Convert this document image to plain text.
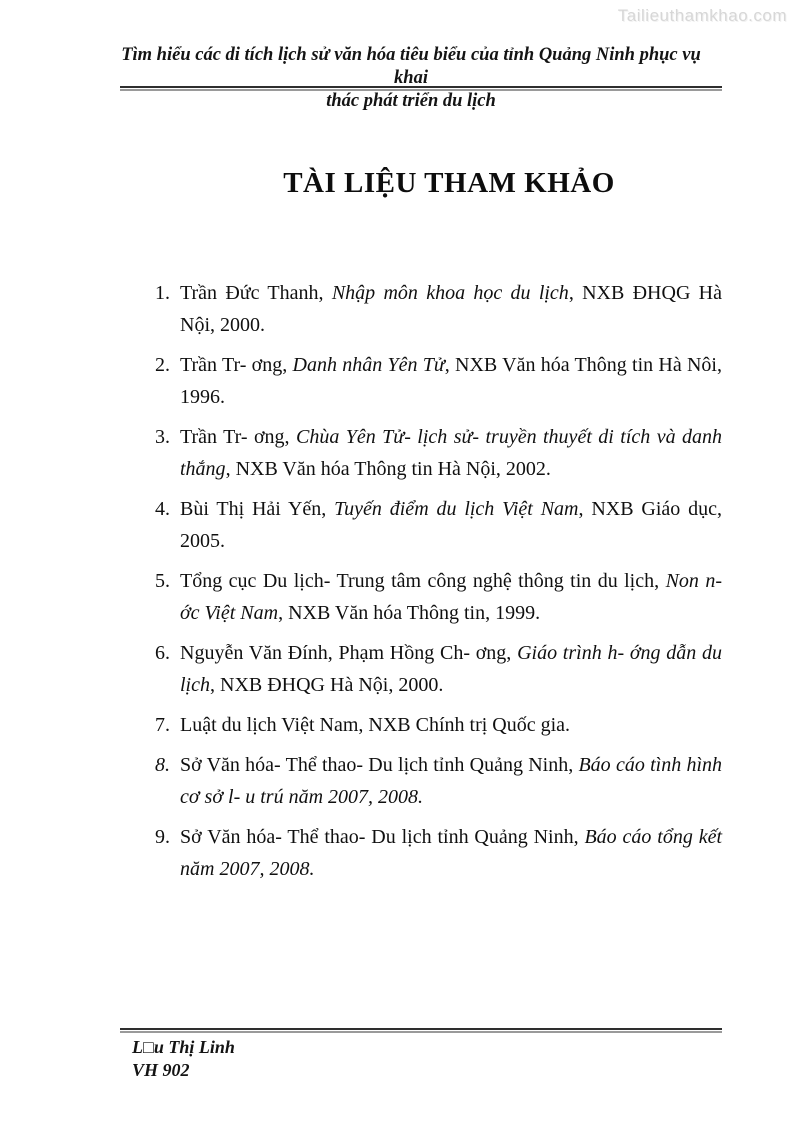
Tailieuthamkhao.com
Tìm hiểu các di tích lịch sử văn hóa tiêu biểu của tỉnh Quảng Ninh phục vụ khai
thác phát triển du lịch
TÀI LIỆU THAM KHẢO
1. Trần Đức Thanh, Nhập môn khoa học du lịch, NXB ĐHQG Hà Nội, 2000.
2. Trần Tr- ơng, Danh nhân Yên Tử, NXB Văn hóa Thông tin Hà Nôi, 1996.
3. Trần Tr- ơng, Chùa Yên Tử- lịch sử- truyền thuyết di tích và danh thắng, NXB Văn hóa Thông tin Hà Nội, 2002.
4. Bùi Thị Hải Yến, Tuyến điểm du lịch Việt Nam, NXB Giáo dục, 2005.
5. Tổng cục Du lịch- Trung tâm công nghệ thông tin du lịch, Non n- ớc Việt Nam, NXB Văn hóa Thông tin, 1999.
6. Nguyễn Văn Đính, Phạm Hồng Ch- ơng, Giáo trình h- ớng dẫn du lịch, NXB ĐHQG Hà Nội, 2000.
7. Luật du lịch Việt Nam, NXB Chính trị Quốc gia.
8. Sở Văn hóa- Thể thao- Du lịch tỉnh Quảng Ninh, Báo cáo tình hình cơ sở l- u trú năm 2007, 2008.
9. Sở Văn hóa- Thể thao- Du lịch tỉnh Quảng Ninh, Báo cáo tổng kết năm 2007, 2008.
L□u Thị Linh
VH 902
